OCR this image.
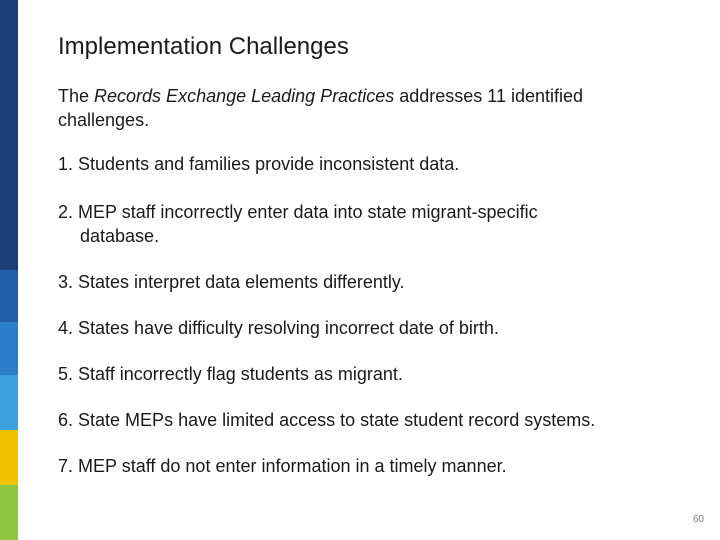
Implementation Challenges

The Records Exchange Leading Practices addresses 11 identified challenges.

1. Students and families provide inconsistent data.

2. MEP staff incorrectly enter data into state migrant-specific
database.

3. States interpret data elements differently.

4. States have difficulty resolving incorrect date of birth.

5. Staff incorrectly flag students as migrant.

6. State MEPs have limited access to state student record systems.

7. MEP staff do not enter information in a timely manner.

60
